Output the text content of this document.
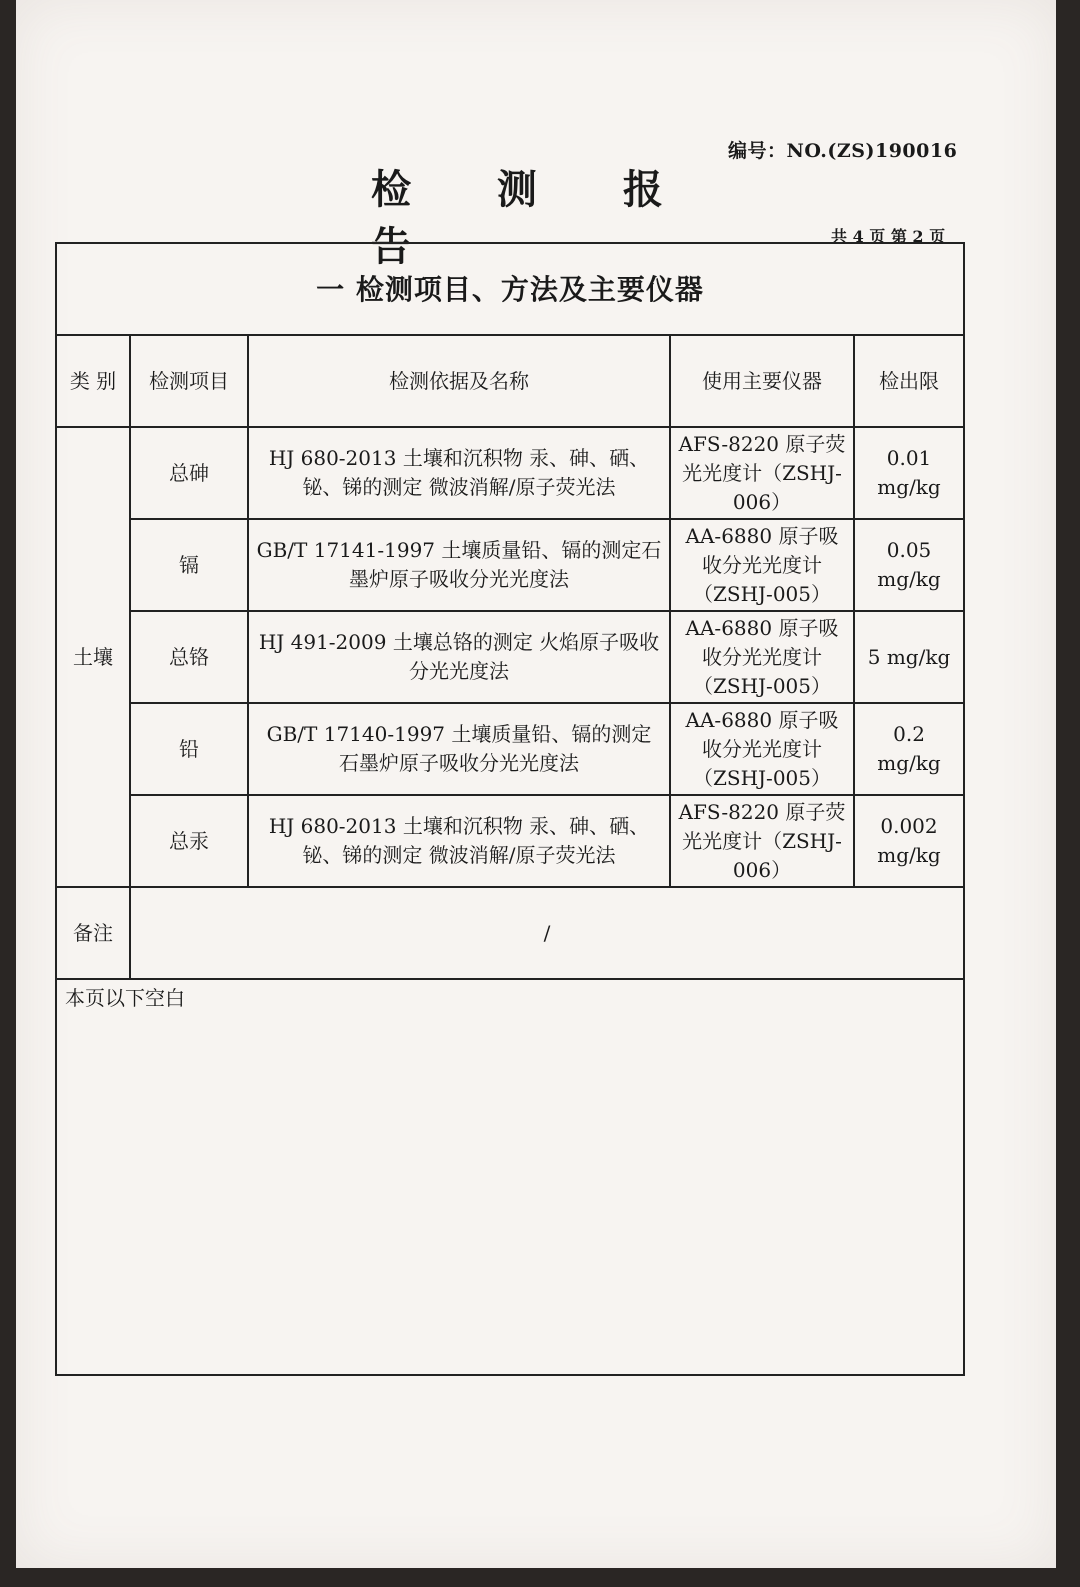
编号：NO.(ZS)190016
检 测 报 告	共 4 页 第 2 页
一 检测项目、方法及主要仪器				
类 别	检测项目	检测依据及名称	使用主要仪器	检出限
土壤	总砷	HJ 680-2013 土壤和沉积物 汞、砷、硒、铋、锑的测定 微波消解/原子荧光法	AFS-8220 原子荧光光度计（ZSHJ-006）	0.01 mg/kg
	镉	GB/T 17141-1997 土壤质量铅、镉的测定石墨炉原子吸收分光光度法	AA-6880 原子吸收分光光度计（ZSHJ-005）	0.05 mg/kg
	总铬	HJ 491-2009 土壤总铬的测定 火焰原子吸收分光光度法	AA-6880 原子吸收分光光度计（ZSHJ-005）	5 mg/kg
	铅	GB/T 17140-1997 土壤质量铅、镉的测定 石墨炉原子吸收分光光度法	AA-6880 原子吸收分光光度计（ZSHJ-005）	0.2 mg/kg
	总汞	HJ 680-2013 土壤和沉积物 汞、砷、硒、铋、锑的测定 微波消解/原子荧光法	AFS-8220 原子荧光光度计（ZSHJ-006）	0.002 mg/kg
备注	/			
本页以下空白				
